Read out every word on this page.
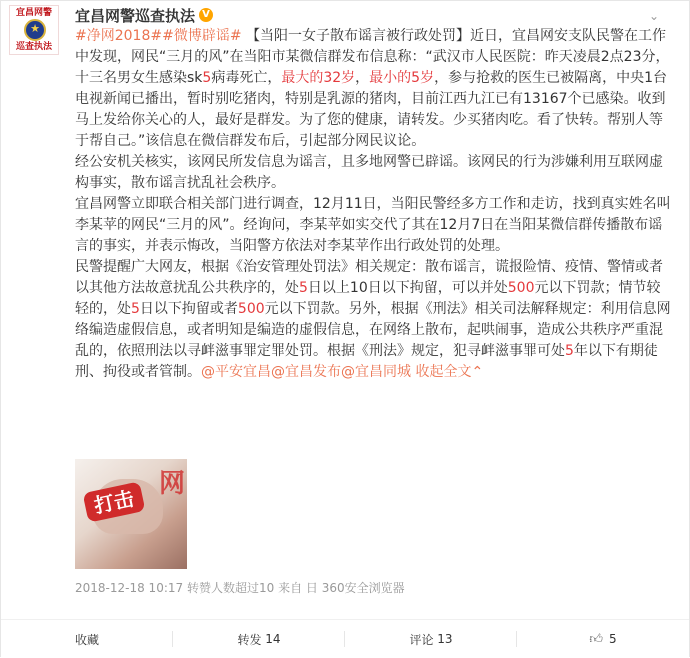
宜昌网警
★
巡查执法
宜昌网警巡查执法 V	⌄

#净网2018##微博辟谣# 【当阳一女子散布谣言被行政处罚】近日，宜昌网安支队民警在工作中发现，网民“三月的风”在当阳市某微信群发布信息称：“武汉市人民医院：昨天凌晨2点23分，十三名男女生感染sk5病毒死亡，最大的32岁，最小的5岁，参与抢救的医生已被隔离，中央1台电视新闻已播出，暂时别吃猪肉，特别是乳源的猪肉，目前江西九江已有13167个已感染。收到马上发给你关心的人，最好是群发。为了您的健康，请转发。少买猪肉吃。看了快转。帮别人等于帮自己。”该信息在微信群发布后，引起部分网民议论。

经公安机关核实，该网民所发信息为谣言，且多地网警已辟谣。该网民的行为涉嫌利用互联网虚构事实，散布谣言扰乱社会秩序。

宜昌网警立即联合相关部门进行调查，12月11日，当阳民警经多方工作和走访，找到真实姓名叫李某苹的网民“三月的风”。经询问，李某苹如实交代了其在12月7日在当阳某微信群传播散布谣言的事实，并表示悔改，当阳警方依法对李某苹作出行政处罚的处理。

民警提醒广大网友，根据《治安管理处罚法》相关规定：散布谣言，谎报险情、疫情、警情或者以其他方法故意扰乱公共秩序的，处5日以上10日以下拘留，可以并处500元以下罚款；情节较轻的，处5日以下拘留或者500元以下罚款。另外，根据《刑法》相关司法解释规定：利用信息网络编造虚假信息，或者明知是编造的虚假信息，在网络上散布，起哄闹事，造成公共秩序严重混乱的，依照刑法以寻衅滋事罪定罪处罚。根据《刑法》规定，犯寻衅滋事罪可处5年以下有期徒刑、拘役或者管制。@平安宜昌@宜昌发布@宜昌同城 收起全文⌃

网
打击
2018-12-18 10:17 转赞人数超过10 来自 日 360安全浏览器
收藏	转发
14	评论
13	👍︎ 5
